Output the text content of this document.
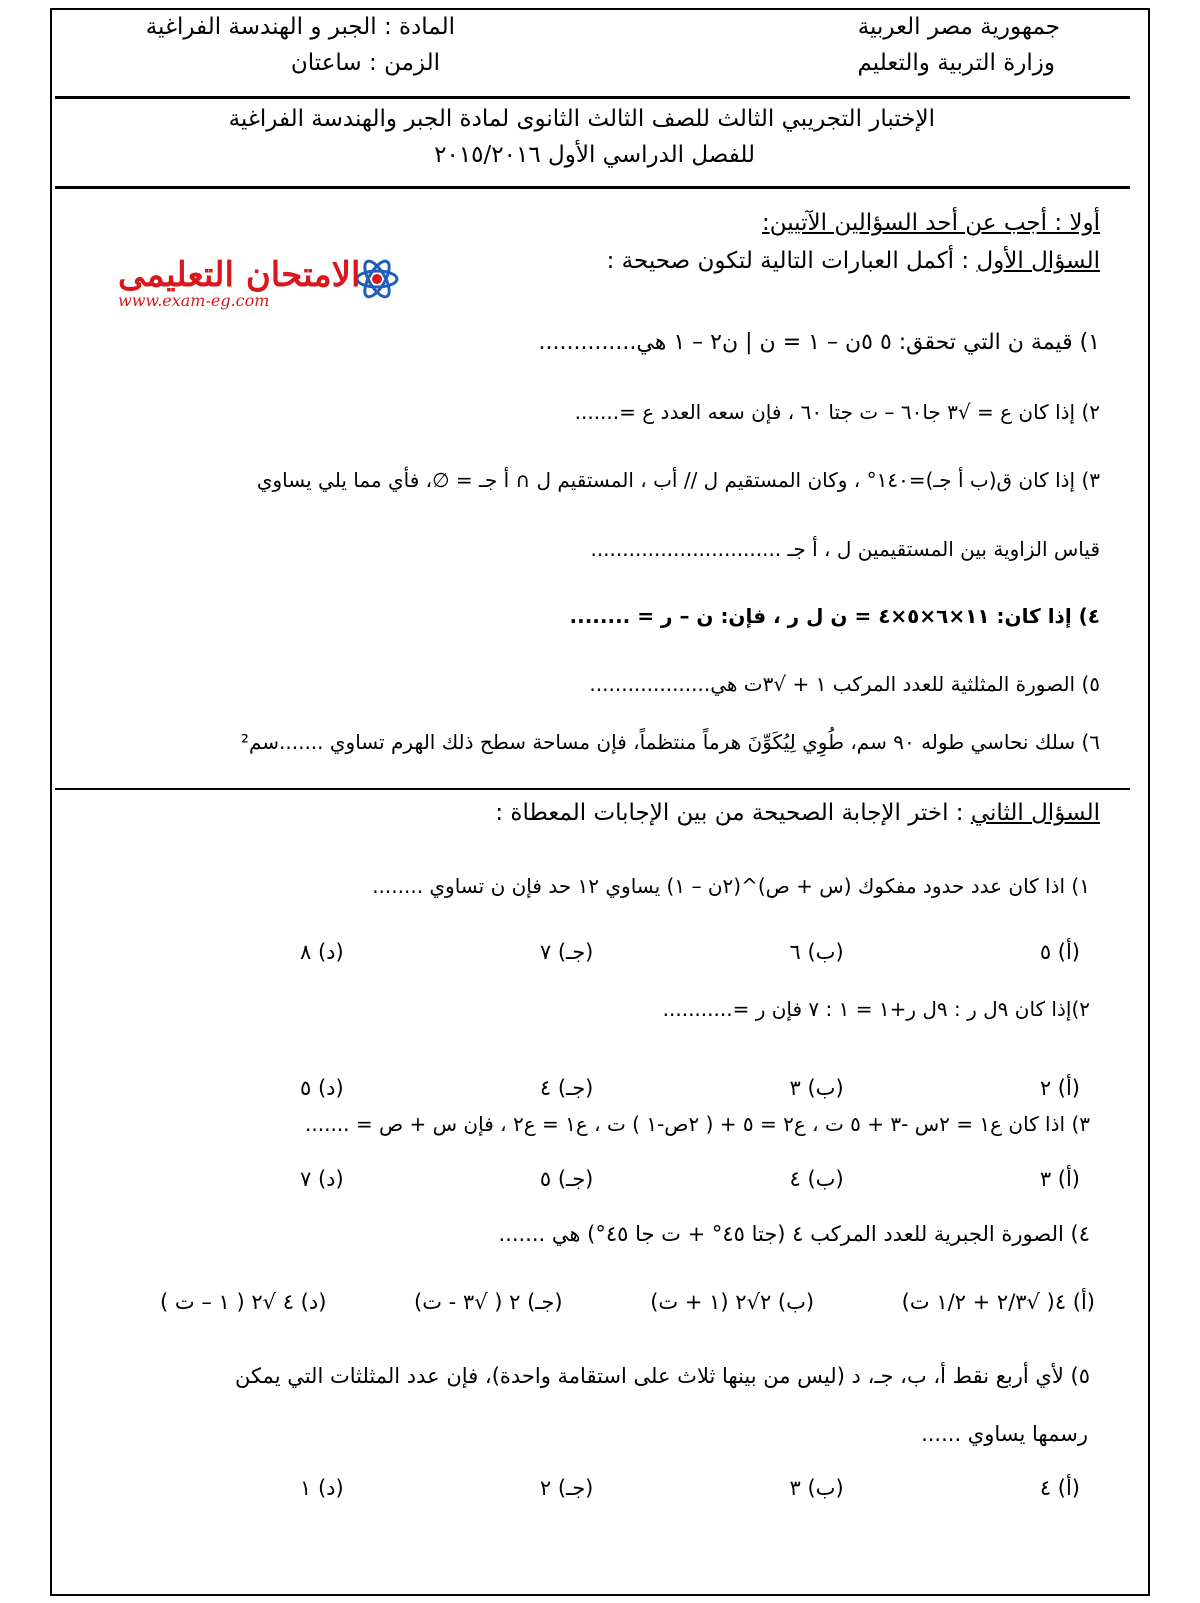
جمهورية مصر العربية
وزارة التربية والتعليم
المادة : الجبر و الهندسة الفراغية
الزمن : ساعتان
الإختبار التجريبي الثالث للصف الثالث الثانوى لمادة الجبر والهندسة الفراغية
للفصل الدراسي الأول ٢٠١٥/٢٠١٦
أولا : أجب عن أحد السؤالين الآتيين:
السؤال الأول : أكمل العبارات التالية لتكون صحيحة :
الامتحان التعليمى
www.exam-eg.com
١) قيمة ن التي تحقق: ٥ ٥ن – ١ = ن | ن٢ – ١ هي..............
٢) إذا كان ع = ‎√٣‎ جا٦٠ – ت جتا ٦٠ ، فإن سعه العدد ع =.......
٣) إذا كان ق(ب أ جـ)=١٤٠° ، وكان المستقيم ل // أب ، المستقيم ل ∩ أ جـ = ∅، فأي مما يلي يساوي
قياس الزاوية بين المستقيمين ل ، أ جـ ..............................
٤) إذا كان: ١١×٦×٥×٤ = ن ل ر ، فإن: ن – ر = ........
٥) الصورة المثلثية للعدد المركب ١ + ‎√٣‎ت هي...................
٦) سلك نحاسي طوله ٩٠ سم، طُوِي لِيُكَوِّنَ هرماً منتظماً، فإن مساحة سطح ذلك الهرم تساوي .......سم²
السؤال الثاني : اختر الإجابة الصحيحة من بين الإجابات المعطاة :
١) اذا كان عدد حدود مفكوك (س + ص)^(٢ن – ١) يساوي ١٢ حد فإن ن تساوي ........
(أ) ٥
(ب) ٦
(جـ) ٧
(د) ٨
٢)إذا كان ٩ل ر : ٩ل ر+١ = ١ : ٧ فإن ر =...........
(أ) ٢
(ب) ٣
(جـ) ٤
(د) ٥
٣) اذا كان ع١ = ٢س -٣ + ٥ ت ، ع٢ = ٥ + ( ٢ص-١ ) ت ، ع١ = ع٢ ، فإن س + ص = .......
(أ) ٣
(ب) ٤
(جـ) ٥
(د) ٧
٤) الصورة الجبرية للعدد المركب ٤ (جتا ٤٥° + ت جا ٤٥°) هي .......
(أ) ٤( ‎√٣‎/٢ + ١/٢ ت)
(ب) ٢‎√٢‎ (١ + ت)
(جـ) ٢ ( ‎√٣‎ - ت)
(د) ٤ ‎√٢‎ ( ١ – ت )
٥) لأي أربع نقط أ، ب، جـ، د (ليس من بينها ثلاث على استقامة واحدة)، فإن عدد المثلثات التي يمكن
رسمها يساوي ......
(أ) ٤
(ب) ٣
(جـ) ٢
(د) ١
